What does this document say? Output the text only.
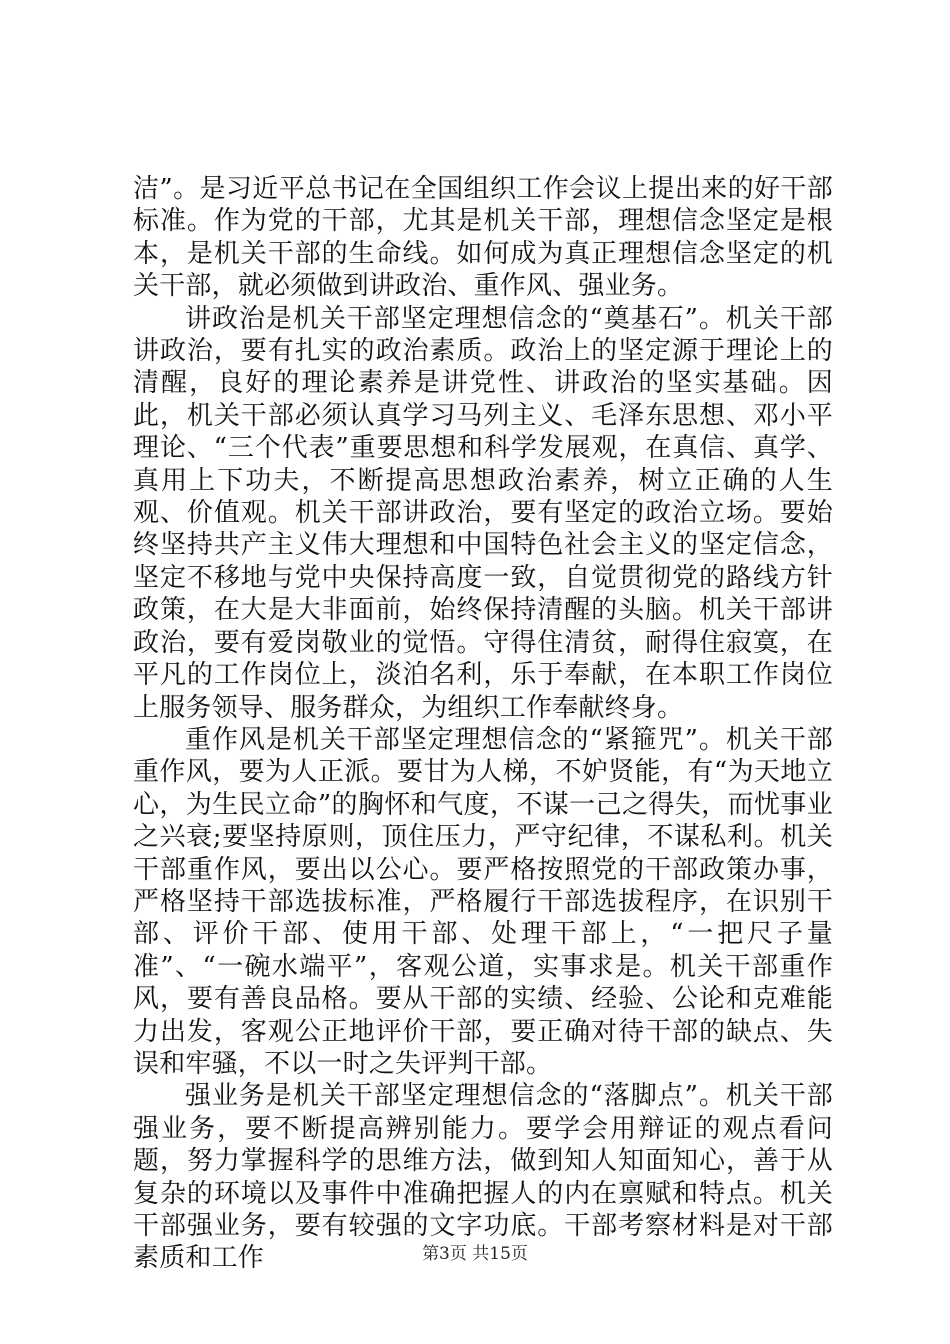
洁”。是习近平总书记在全国组织工作会议上提出来的好干部标准。作为党的干部，尤其是机关干部，理想信念坚定是根本，是机关干部的生命线。如何成为真正理想信念坚定的机关干部，就必须做到讲政治、重作风、强业务。

讲政治是机关干部坚定理想信念的“奠基石”。机关干部讲政治，要有扎实的政治素质。政治上的坚定源于理论上的清醒，良好的理论素养是讲党性、讲政治的坚实基础。因此，机关干部必须认真学习马列主义、毛泽东思想、邓小平理论、“三个代表”重要思想和科学发展观，在真信、真学、真用上下功夫，不断提高思想政治素养，树立正确的人生观、价值观。机关干部讲政治，要有坚定的政治立场。要始终坚持共产主义伟大理想和中国特色社会主义的坚定信念，坚定不移地与党中央保持高度一致，自觉贯彻党的路线方针政策，在大是大非面前，始终保持清醒的头脑。机关干部讲政治，要有爱岗敬业的觉悟。守得住清贫，耐得住寂寞，在平凡的工作岗位上，淡泊名利，乐于奉献，在本职工作岗位上服务领导、服务群众，为组织工作奉献终身。

重作风是机关干部坚定理想信念的“紧箍咒”。机关干部重作风，要为人正派。要甘为人梯，不妒贤能，有“为天地立心，为生民立命”的胸怀和气度，不谋一己之得失，而忧事业之兴衰;要坚持原则，顶住压力，严守纪律，不谋私利。机关干部重作风，要出以公心。要严格按照党的干部政策办事，严格坚持干部选拔标准，严格履行干部选拔程序，在识别干部、评价干部、使用干部、处理干部上，“一把尺子量准”、“一碗水端平”，客观公道，实事求是。机关干部重作风，要有善良品格。要从干部的实绩、经验、公论和克难能力出发，客观公正地评价干部，要正确对待干部的缺点、失误和牢骚，不以一时之失评判干部。

强业务是机关干部坚定理想信念的“落脚点”。机关干部强业务，要不断提高辨别能力。要学会用辩证的观点看问题，努力掌握科学的思维方法，做到知人知面知心，善于从复杂的环境以及事件中准确把握人的内在禀赋和特点。机关干部强业务，要有较强的文字功底。干部考察材料是对干部素质和工作	第3页 共15页
